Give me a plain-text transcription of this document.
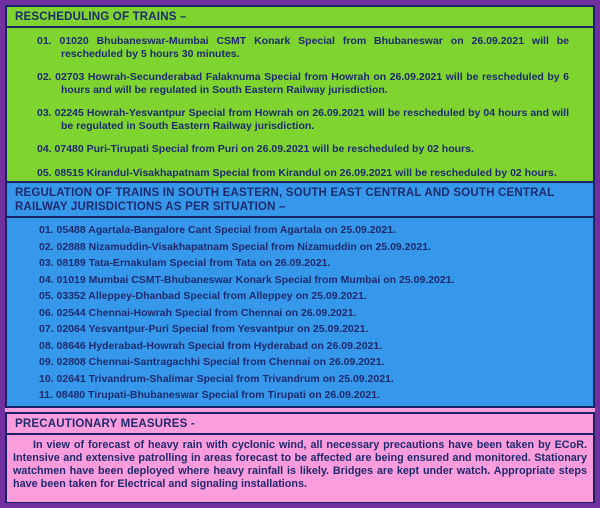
RESCHEDULING OF TRAINS –

01. 01020 Bhubaneswar-Mumbai CSMT Konark Special from Bhubaneswar on 26.09.2021 will be rescheduled by 5 hours 30 minutes.

02. 02703 Howrah-Secunderabad Falaknuma Special from Howrah on 26.09.2021 will be rescheduled by 6 hours and will be regulated in South Eastern Railway jurisdiction.

03. 02245 Howrah-Yesvantpur Special from Howrah on 26.09.2021 will be rescheduled by 04 hours and will be regulated in South Eastern Railway jurisdiction.

04. 07480 Puri-Tirupati Special from Puri on 26.09.2021 will be rescheduled by 02 hours.

05. 08515 Kirandul-Visakhapatnam Special from Kirandul on 26.09.2021 will be rescheduled by 02 hours.

REGULATION OF TRAINS IN SOUTH EASTERN, SOUTH EAST CENTRAL AND SOUTH CENTRAL RAILWAY JURISDICTIONS AS PER SITUATION –

01. 05488 Agartala-Bangalore Cant Special from Agartala on 25.09.2021.

02. 02888 Nizamuddin-Visakhapatnam Special from Nizamuddin on 25.09.2021.

03. 08189 Tata-Ernakulam Special from Tata on 26.09.2021.

04. 01019 Mumbai CSMT-Bhubaneswar Konark Special from Mumbai on 25.09.2021.

05. 03352 Alleppey-Dhanbad Special from Alleppey on 25.09.2021.

06. 02544 Chennai-Howrah Special from Chennai on 26.09.2021.

07. 02064 Yesvantpur-Puri Special from Yesvantpur on 25.09.2021.

08. 08646 Hyderabad-Howrah Special from Hyderabad on 26.09.2021.

09. 02808 Chennai-Santragachhi Special from Chennai on 26.09.2021.

10. 02641 Trivandrum-Shalimar Special from Trivandrum on 25.09.2021.

11. 08480 Tirupati-Bhubaneswar Special from Tirupati on 26.09.2021.

PRECAUTIONARY MEASURES -

In view of forecast of heavy rain with cyclonic wind, all necessary precautions have been taken by ECoR. Intensive and extensive patrolling in areas forecast to be affected are being ensured and monitored. Stationary watchmen have been deployed where heavy rainfall is likely. Bridges are kept under watch. Appropriate steps have been taken for Electrical and signaling installations.
